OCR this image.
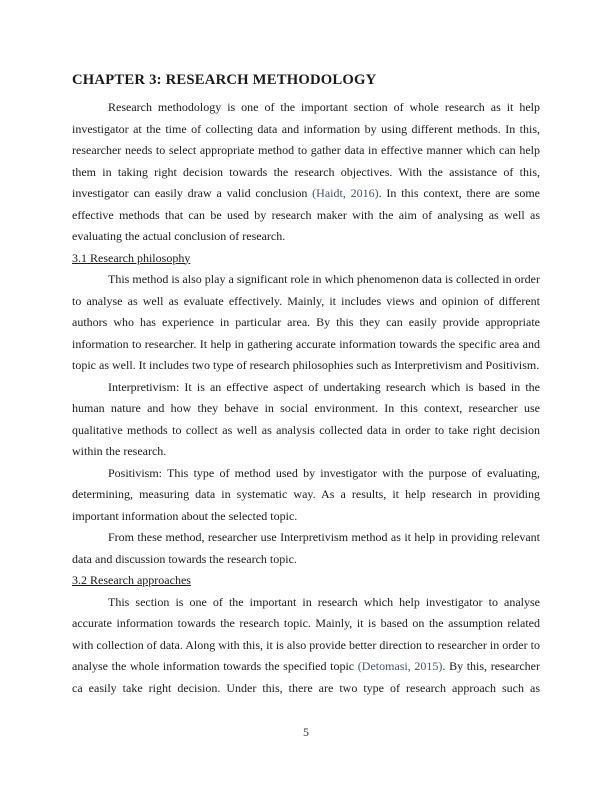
CHAPTER 3: RESEARCH METHODOLOGY

Research methodology is one of the important section of whole research as it help investigator at the time of collecting data and information by using different methods. In this, researcher needs to select appropriate method to gather data in effective manner which can help them in taking right decision towards the research objectives. With the assistance of this, investigator can easily draw a valid conclusion (Haidt, 2016). In this context, there are some effective methods that can be used by research maker with the aim of analysing as well as evaluating the actual conclusion of research.

3.1 Research philosophy

This method is also play a significant role in which phenomenon data is collected in order to analyse as well as evaluate effectively. Mainly, it includes views and opinion of different authors who has experience in particular area. By this they can easily provide appropriate information to researcher. It help in gathering accurate information towards the specific area and topic as well. It includes two type of research philosophies such as Interpretivism and Positivism.

Interpretivism: It is an effective aspect of undertaking research which is based in the human nature and how they behave in social environment. In this context, researcher use qualitative methods to collect as well as analysis collected data in order to take right decision within the research.

Positivism: This type of method used by investigator with the purpose of evaluating, determining, measuring data in systematic way. As a results, it help research in providing important information about the selected topic.

From these method, researcher use Interpretivism method as it help in providing relevant data and discussion towards the research topic.

3.2 Research approaches

This section is one of the important in research which help investigator to analyse accurate information towards the research topic. Mainly, it is based on the assumption related with collection of data. Along with this, it is also provide better direction to researcher in order to analyse the whole information towards the specified topic (Detomasi, 2015). By this, researcher ca easily take right decision. Under this, there are two type of research approach such as

5
